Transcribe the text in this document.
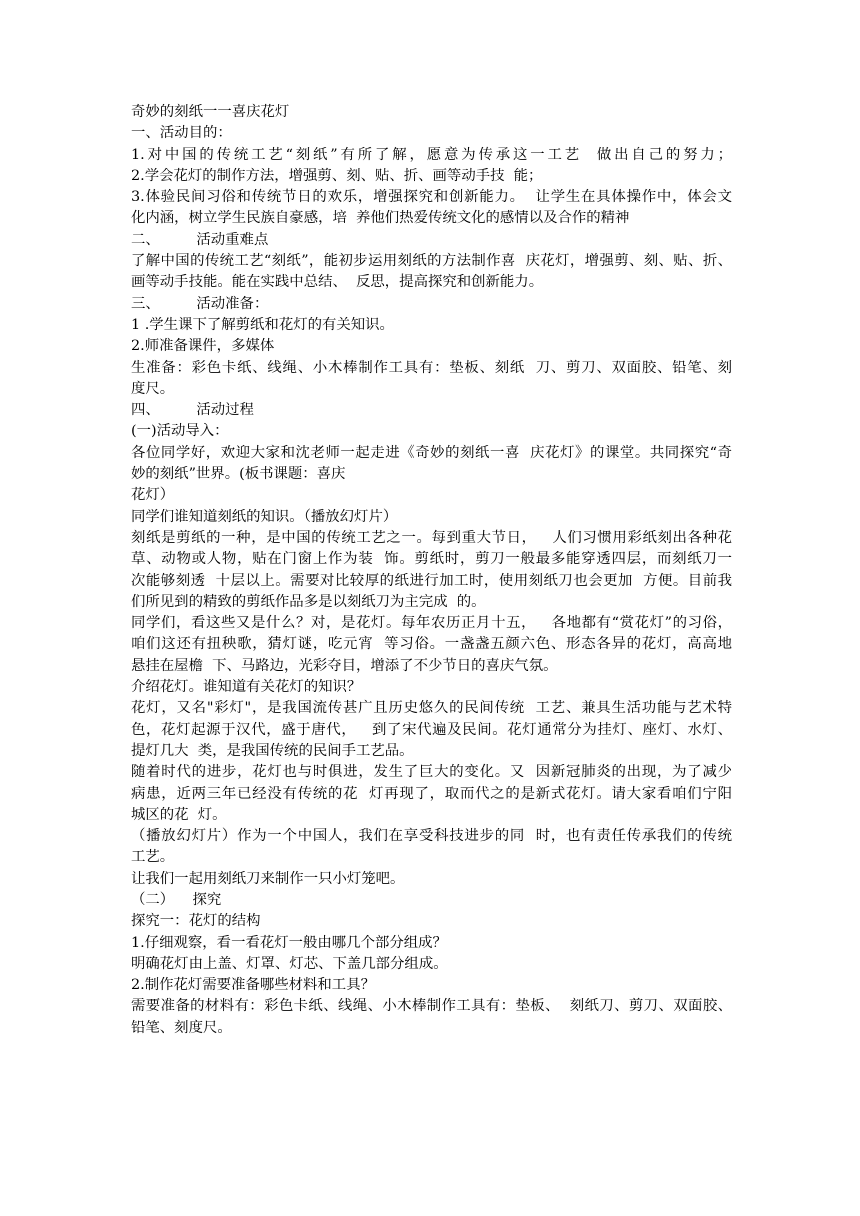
奇妙的刻纸一一喜庆花灯

一、活动目的：

1.对中国的传统工艺“刻纸”有所了解，愿意为传承这一工艺  做出自己的努力；

2.学会花灯的制作方法，增强剪、刻、贴、折、画等动手技  能；

3.体验民间习俗和传统节日的欢乐，增强探究和创新能力。  让学生在具体操作中，体会文

化内涵，树立学生民族自豪感，培  养他们热爱传统文化的感情以及合作的精神

二、        活动重难点

了解中国的传统工艺“刻纸”，能初步运用刻纸的方法制作喜  庆花灯，增强剪、刻、贴、折、

画等动手技能。能在实践中总结、  反思，提高探究和创新能力。

三、        活动准备：

1 .学生课下了解剪纸和花灯的有关知识。

2.师准备课件，多媒体

生准备：彩色卡纸、线绳、小木棒制作工具有：垫板、刻纸  刀、剪刀、双面胶、铅笔、刻

度尺。

四、        活动过程

(一)活动导入：

各位同学好，欢迎大家和沈老师一起走进《奇妙的刻纸一喜  庆花灯》的课堂。共同探究“奇

妙的刻纸”世界。(板书课题：喜庆

花灯）

同学们谁知道刻纸的知识。（播放幻灯片）

刻纸是剪纸的一种，是中国的传统工艺之一。每到重大节日，   人们习惯用彩纸刻出各种花

草、动物或人物，贴在门窗上作为装  饰。剪纸时，剪刀一般最多能穿透四层，而刻纸刀一

次能够刻透  十层以上。需要对比较厚的纸进行加工时，使用刻纸刀也会更加  方便。目前我

们所见到的精致的剪纸作品多是以刻纸刀为主完成  的。

同学们，看这些又是什么？对，是花灯。每年农历正月十五，   各地都有“赏花灯”的习俗，

咱们这还有扭秧歌，猜灯谜，吃元宵  等习俗。一盏盏五颜六色、形态各异的花灯，高高地

悬挂在屋檐  下、马路边，光彩夺目，增添了不少节日的喜庆气氛。

介绍花灯。谁知道有关花灯的知识？

花灯，又名"彩灯"，是我国流传甚广且历史悠久的民间传统  工艺、兼具生活功能与艺术特

色，花灯起源于汉代，盛于唐代，   到了宋代遍及民间。花灯通常分为挂灯、座灯、水灯、

提灯几大  类，是我国传统的民间手工艺品。

随着时代的进步，花灯也与时俱进，发生了巨大的变化。又  因新冠肺炎的出现，为了减少

病患，近两三年已经没有传统的花  灯再现了，取而代之的是新式花灯。请大家看咱们宁阳

城区的花  灯。

（播放幻灯片）作为一个中国人，我们在享受科技进步的同  时，也有责任传承我们的传统

工艺。

让我们一起用刻纸刀来制作一只小灯笼吧。

（二）    探究

探究一：花灯的结构

1.仔细观察，看一看花灯一般由哪几个部分组成？

明确花灯由上盖、灯罩、灯芯、下盖几部分组成。

2.制作花灯需要准备哪些材料和工具？

需要准备的材料有：彩色卡纸、线绳、小木棒制作工具有：垫板、  刻纸刀、剪刀、双面胶、

铅笔、刻度尺。
